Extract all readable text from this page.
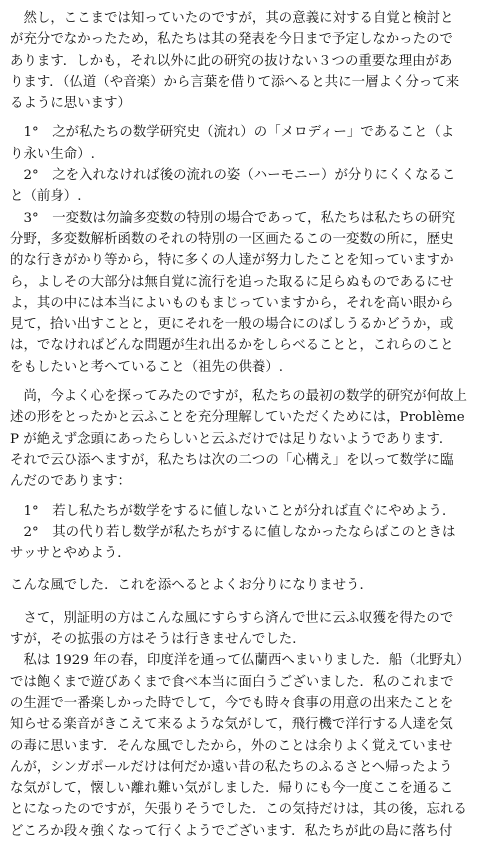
　然し，ここまでは知っていたのですが，其の意義に対する自覚と検討と
が充分でなかったため，私たちは其の発表を今日まで予定しなかったので
あります．しかも，それ以外に此の研究の抜けない３つの重要な理由があ
ります．（仏道（や音楽）から言葉を借りて添へると共に一層よく分って来
るように思います）

　1°　之が私たちの数学研究史（流れ）の「メロディー」であること（よ
り永い生命）.

　2°　之を入れなければ後の流れの姿（ハーモニー）が分りにくくなるこ
と（前身）.

　3°　一変数は勿論多変数の特別の場合であって，私たちは私たちの研究
分野，多変数解析函数のそれの特別の一区画たるこの一変数の所に，歴史
的な行きがかり等から，特に多くの人達が努力したことを知っていますか
ら，よしその大部分は無自覚に流行を追った取るに足らぬものであるにせ
よ，其の中には本当によいものもまじっていますから，それを高い眼から
見て，拾い出すことと，更にそれを一般の場合にのばしうるかどうか，或
は，でなければどんな問題が生れ出るかをしらべることと，これらのこと
をもしたいと考へていること（祖先の供養）.

　尚，今よく心を探ってみたのですが，私たちの最初の数学的研究が何故上
述の形をとったかと云ふことを充分理解していただくためには，Problème
P が絶えず念頭にあったらしいと云ふだけでは足りないようであります．
それで云ひ添へますが，私たちは次の二つの「心構え」を以って数学に臨
んだのであります：

　1°　若し私たちが数学をするに値しないことが分れば直ぐにやめよう．

　2°　其の代り若し数学が私たちがするに値しなかったならばこのときは
サッサとやめよう．

こんな風でした．これを添へるとよくお分りになりませう．

　さて，別証明の方はこんな風にすらすら済んで世に云ふ収獲を得たので
すが，その拡張の方はそうは行きませんでした．

　私は 1929 年の春，印度洋を通って仏蘭西へまいりました．船（北野丸）
では飽くまで遊びあくまで食べ本当に面白うございました．私のこれまで
の生涯で一番楽しかった時でして，今でも時々食事の用意の出来たことを
知らせる楽音がきこえて来るような気がして，飛行機で洋行する人達を気
の毒に思います．そんな風でしたから，外のことは余りよく覚えていませ
んが，シンガポールだけは何だか遠い昔の私たちのふるさとへ帰ったよう
な気がして，懐しい離れ難い気がしました．帰りにも今一度ここを通るこ
とになったのですが，矢張りそうでした．この気持だけは，其の後，忘れる
どころか段々強くなって行くようでございます．私たちが此の島に落ち付
